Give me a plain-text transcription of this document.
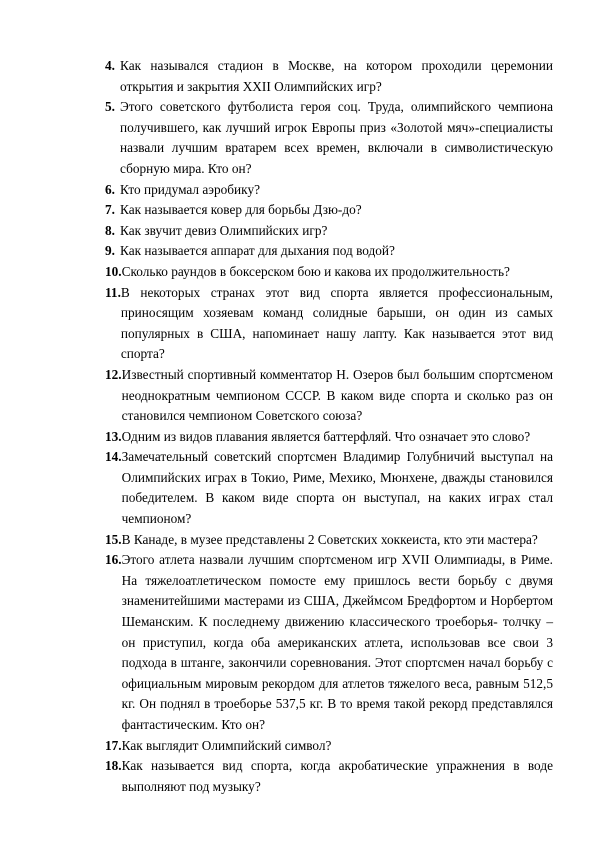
4. Как назывался стадион в Москве, на котором проходили церемонии открытия и закрытия XXII Олимпийских игр?
5. Этого советского футболиста героя соц. Труда, олимпийского чемпиона получившего, как лучший игрок Европы приз «Золотой мяч»-специалисты назвали лучшим вратарем всех времен, включали в символистическую сборную мира. Кто он?
6. Кто придумал аэробику?
7. Как называется ковер для борьбы Дзю-до?
8. Как звучит девиз Олимпийских игр?
9. Как называется аппарат для дыхания под водой?
10. Сколько раундов в боксерском бою и какова их продолжительность?
11. В некоторых странах этот вид спорта является профессиональным, приносящим хозяевам команд солидные барыши, он один из самых популярных в США, напоминает нашу лапту. Как называется этот вид спорта?
12. Известный спортивный комментатор Н. Озеров был большим спортсменом неоднократным чемпионом СССР. В каком виде спорта и сколько раз он становился чемпионом Советского союза?
13. Одним из видов плавания является баттерфляй. Что означает это слово?
14. Замечательный советский спортсмен Владимир Голубничий выступал на Олимпийских играх в Токио, Риме, Мехико, Мюнхене, дважды становился победителем. В каком виде спорта он выступал, на каких играх стал чемпионом?
15. В Канаде, в музее представлены 2 Советских хоккеиста, кто эти мастера?
16. Этого атлета назвали лучшим спортсменом игр XVII Олимпиады, в Риме. На тяжелоатлетическом помосте ему пришлось вести борьбу с двумя знаменитейшими мастерами из США, Джеймсом Бредфортом и Норбертом Шеманским. К последнему движению классического троеборья- толчку – он приступил, когда оба американских атлета, использовав все свои 3 подхода в штанге, закончили соревнования. Этот спортсмен начал борьбу с официальным мировым рекордом для атлетов тяжелого веса, равным 512,5 кг. Он поднял в троеборье 537,5 кг. В то время такой рекорд представлялся фантастическим. Кто он?
17. Как выглядит Олимпийский символ?
18. Как называется вид спорта, когда акробатические упражнения в воде выполняют под музыку?
